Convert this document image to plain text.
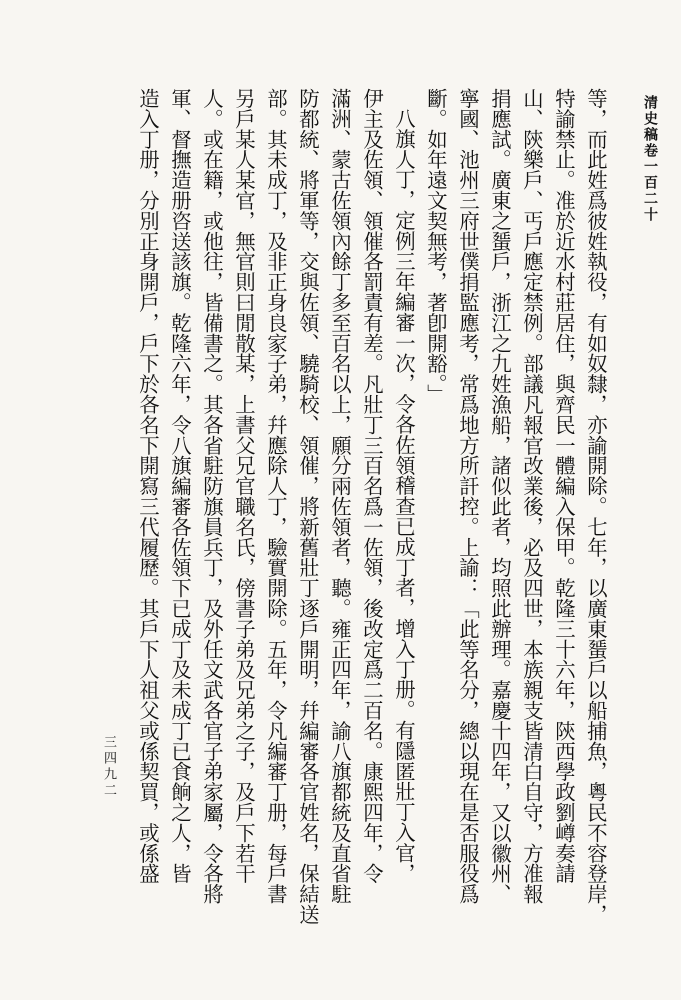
清史稿卷一百二十
三四九二	等，而此姓爲彼姓執役，有如奴隸，亦諭開除。七年，以廣東蜑戶以船捕魚，粵民不容登岸，
特諭禁止。准於近水村莊居住，與齊民一體編入保甲。乾隆三十六年，陝西學政劉嶟奏請
山、陝樂戶、丐戶應定禁例。部議凡報官改業後，必及四世，本族親支皆清白自守，方准報
捐應試。廣東之蜑戶，浙江之九姓漁船，諸似此者，均照此辦理。嘉慶十四年，又以徽州、
寧國、池州三府世僕捐監應考，常爲地方所訐控。上諭：「此等名分，總以現在是否服役爲
斷。如年遠文契無考，著卽開豁。」
八旗人丁，定例三年編審一次，令各佐領稽查已成丁者，增入丁册。有隱匿壯丁入官，
伊主及佐領、領催各罰責有差。凡壯丁三百名爲一佐領，後改定爲二百名。康熙四年，令
滿洲、蒙古佐領內餘丁多至百名以上，願分兩佐領者，聽。雍正四年，諭八旗都統及直省駐
防都統、將軍等，交與佐領、驍騎校、領催，將新舊壯丁逐戶開明，幷編審各官姓名，保結送
部。其未成丁，及非正身良家子弟，幷應除人丁，驗實開除。五年，令凡編審丁册，每戶書
另戶某人某官，無官則曰閒散某，上書父兄官職名氏，傍書子弟及兄弟之子，及戶下若干
人。或在籍，或他往，皆備書之。其各省駐防旗員兵丁，及外任文武各官子弟家屬，令各將
軍、督撫造册咨送該旗。乾隆六年，令八旗編審各佐領下已成丁及未成丁已食餉之人，皆
造入丁册，分別正身開戶，戶下於各名下開寫三代履歷。其戶下人祖父或係契買，或係盛
